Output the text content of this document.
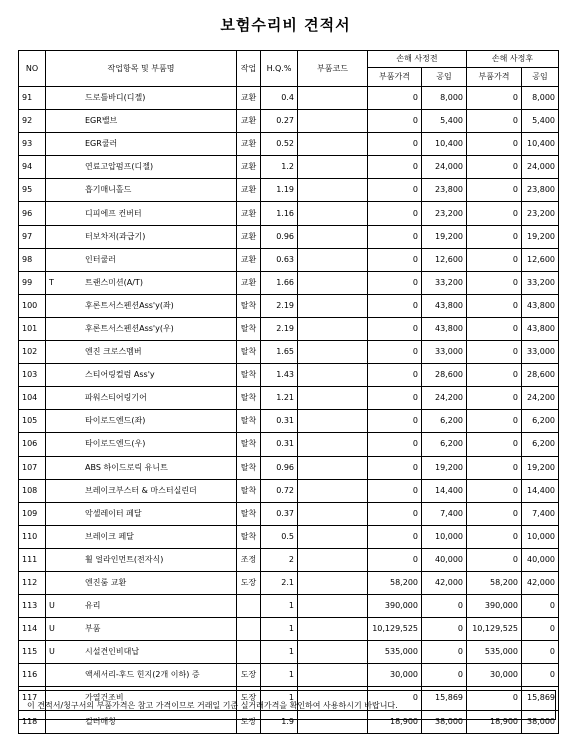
보험수리비 견적서
NO	작업항목 및 부품명	작업	H.Q.%	부품코드	손해 사정전		손해 사정후	
					부품가격	공임	부품가격	공임
91	드로틀바디(디젤)	교환	0.4		0	8,000	0	8,000
92	EGR밸브	교환	0.27		0	5,400	0	5,400
93	EGR쿨러	교환	0.52		0	10,400	0	10,400
94	연료고압펌프(디젤)	교환	1.2		0	24,000	0	24,000
95	흡기매니홀드	교환	1.19		0	23,800	0	23,800
96	디피에프 컨버터	교환	1.16		0	23,200	0	23,200
97	터보차저(과급기)	교환	0.96		0	19,200	0	19,200
98	인터쿨러	교환	0.63		0	12,600	0	12,600
99	T 트랜스미션(A/T)	교환	1.66		0	33,200	0	33,200
100	후론트서스펜션Ass'y(좌)	탈착	2.19		0	43,800	0	43,800
101	후론트서스펜션Ass'y(우)	탈착	2.19		0	43,800	0	43,800
102	엔진 크로스멤버	탈착	1.65		0	33,000	0	33,000
103	스티어링컬럼 Ass'y	탈착	1.43		0	28,600	0	28,600
104	파워스티어링기어	탈착	1.21		0	24,200	0	24,200
105	타이로드엔드(좌)	탈착	0.31		0	6,200	0	6,200
106	타이로드엔드(우)	탈착	0.31		0	6,200	0	6,200
107	ABS 하이드로릭 유니트	탈착	0.96		0	19,200	0	19,200
108	브레이크부스터 & 마스터실린더	탈착	0.72		0	14,400	0	14,400
109	악셀레이터 페달	탈착	0.37		0	7,400	0	7,400
110	브레이크 페달	탈착	0.5		0	10,000	0	10,000
111	휠 얼라인먼트(전자식)	조정	2		0	40,000	0	40,000
112	엔진룸 교환	도장	2.1		58,200	42,000	58,200	42,000
113	U 유리		1		390,000	0	390,000	0
114	U 부품		1		10,129,525	0	10,129,525	0
115	U 시설견인비대납		1		535,000	0	535,000	0
116	액세서리-후드 힌지(2개 이하) 증	도장	1		30,000	0	30,000	0
117	가열건조비	도장	1		0	15,869	0	15,869
118	컬러매칭	도장	1.9		18,900	38,000	18,900	38,000
이 견적서/청구서의 부품가격은 참고 가격이므로 거래일 기준 실거래가격을 확인하여 사용하시기 바랍니다.
